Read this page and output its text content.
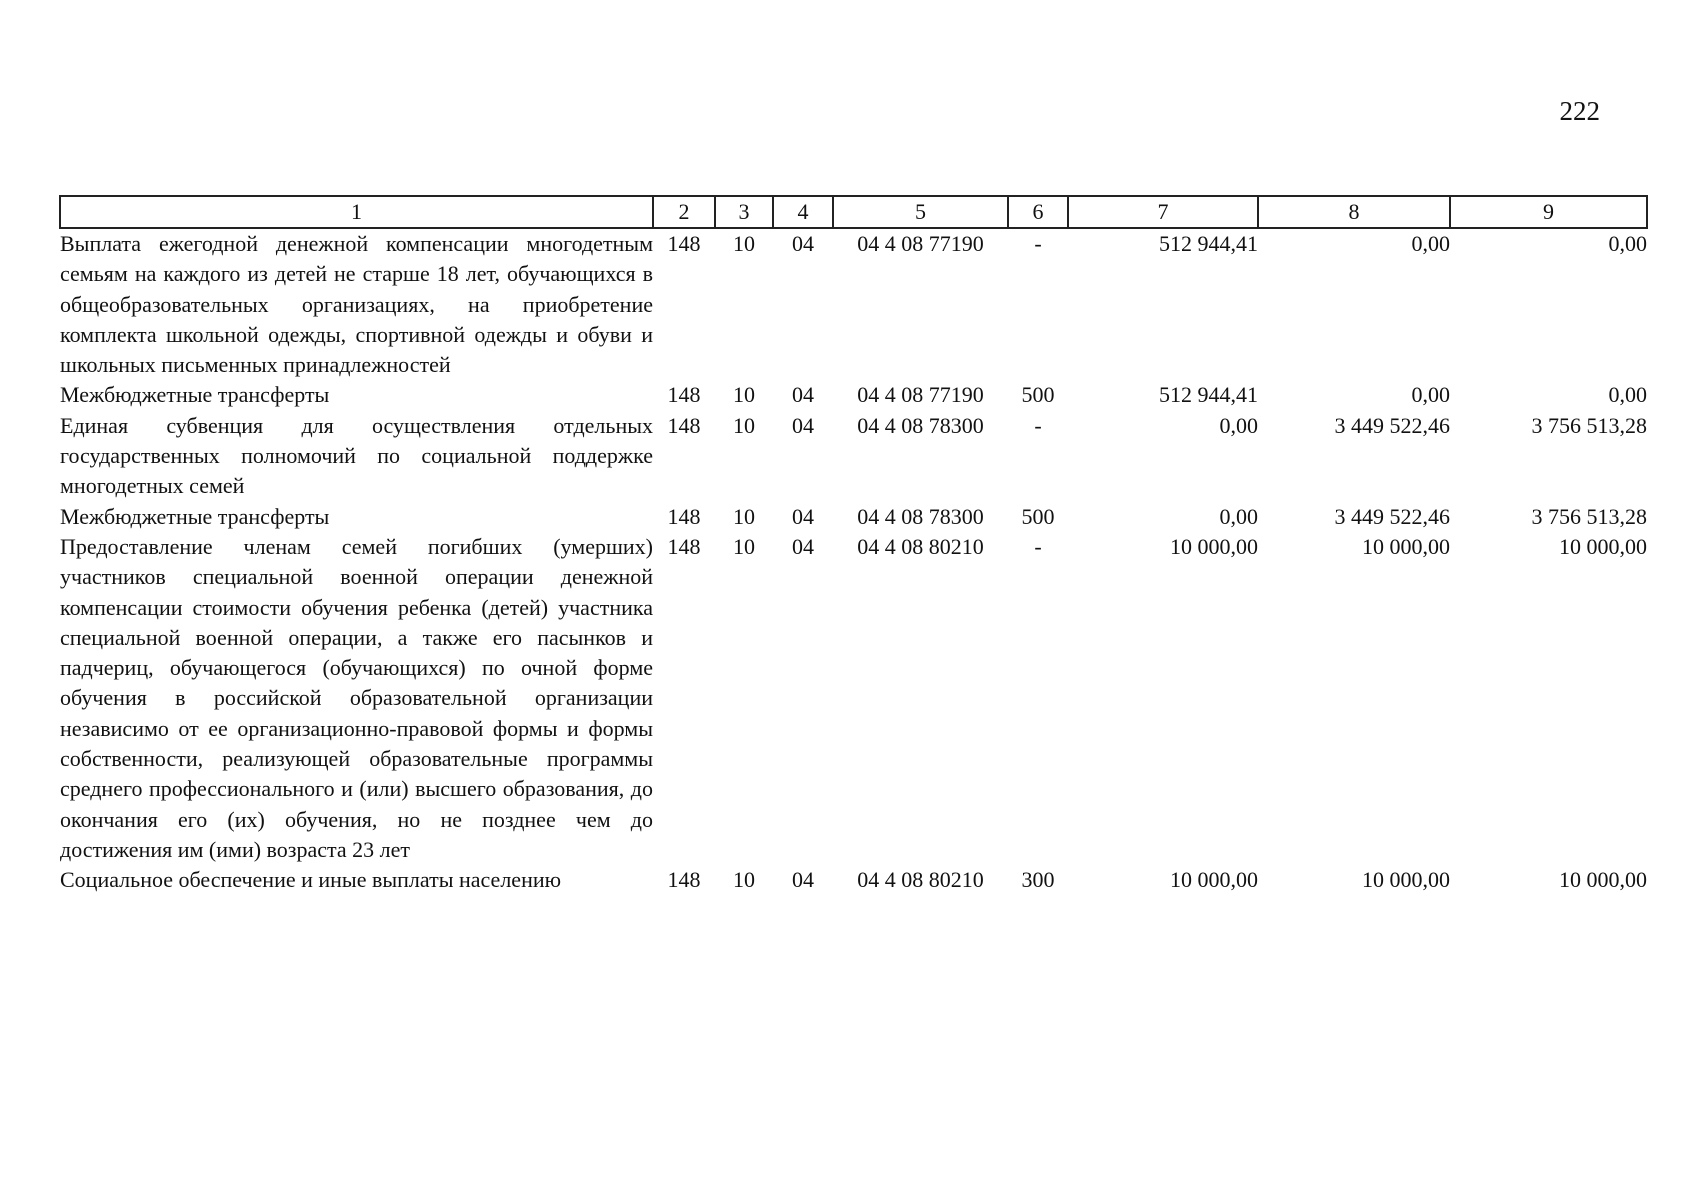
222
1	2	3	4	5	6	7	8	9
Выплата ежегодной денежной компенсации многодетным семьям на каждого из детей не старше 18 лет, обучающихся в общеобразовательных организациях, на приобретение комплекта школьной одежды, спортивной одежды и обуви и школьных письменных принадлежностей	148	10	04	04 4 08 77190	-	512 944,41	0,00	0,00
Межбюджетные трансферты	148	10	04	04 4 08 77190	500	512 944,41	0,00	0,00
Единая субвенция для осуществления отдельных государственных полномочий по социальной поддержке многодетных семей	148	10	04	04 4 08 78300	-	0,00	3 449 522,46	3 756 513,28
Межбюджетные трансферты	148	10	04	04 4 08 78300	500	0,00	3 449 522,46	3 756 513,28
Предоставление членам семей погибших (умерших) участников специальной военной операции денежной компенсации стоимости обучения ребенка (детей) участника специальной военной операции, а также его пасынков и падчериц, обучающегося (обучающихся) по очной форме обучения в российской образовательной организации независимо от ее организационно-правовой формы и формы собственности, реализующей образовательные программы среднего профессионального и (или) высшего образования, до окончания его (их) обучения, но не позднее чем до достижения им (ими) возраста 23 лет	148	10	04	04 4 08 80210	-	10 000,00	10 000,00	10 000,00
Социальное обеспечение и иные выплаты населению	148	10	04	04 4 08 80210	300	10 000,00	10 000,00	10 000,00
